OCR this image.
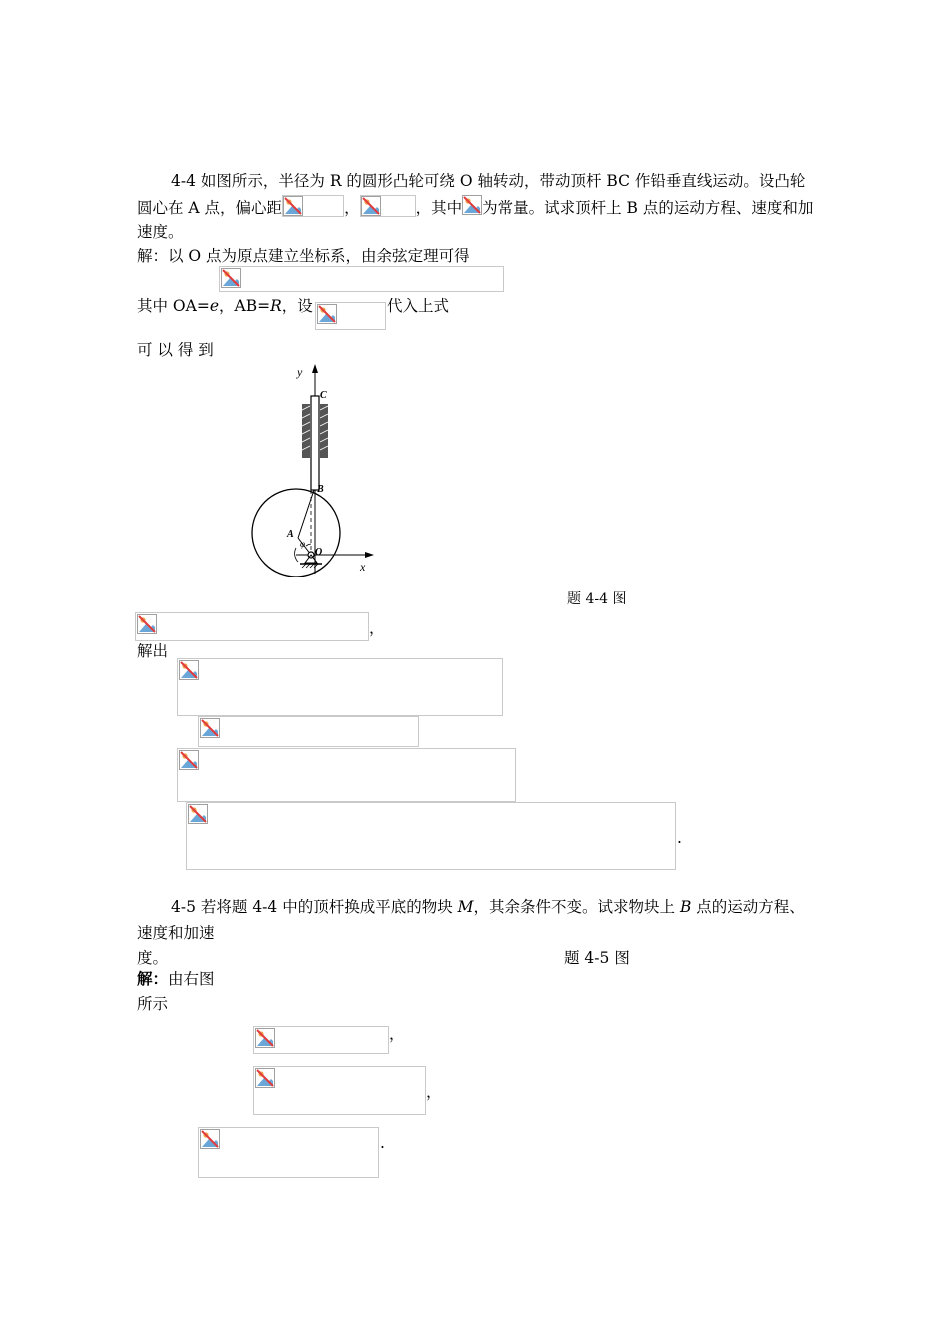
4-4 如图所示，半径为 R 的圆形凸轮可绕 O 轴转动，带动顶杆 BC 作铅垂直线运动。设凸轮
圆心在 A 点，偏心距	，	，其中 为常量。试求顶杆上 B 点的运动方程、速度和加
速度。
解：以 O 点为原点建立坐标系，由余弦定理可得
其中 OA=e，AB=R，设	代入上式
可 以 得 到
y
x
C
B
A
φ
O
题 4-4 图
，
解出
.
4-5 若将题 4-4 中的顶杆换成平底的物块 M，其余条件不变。试求物块上 B 点的运动方程、
速度和加速
度。	题 4-5 图
解：由右图
所示
，
，
.
